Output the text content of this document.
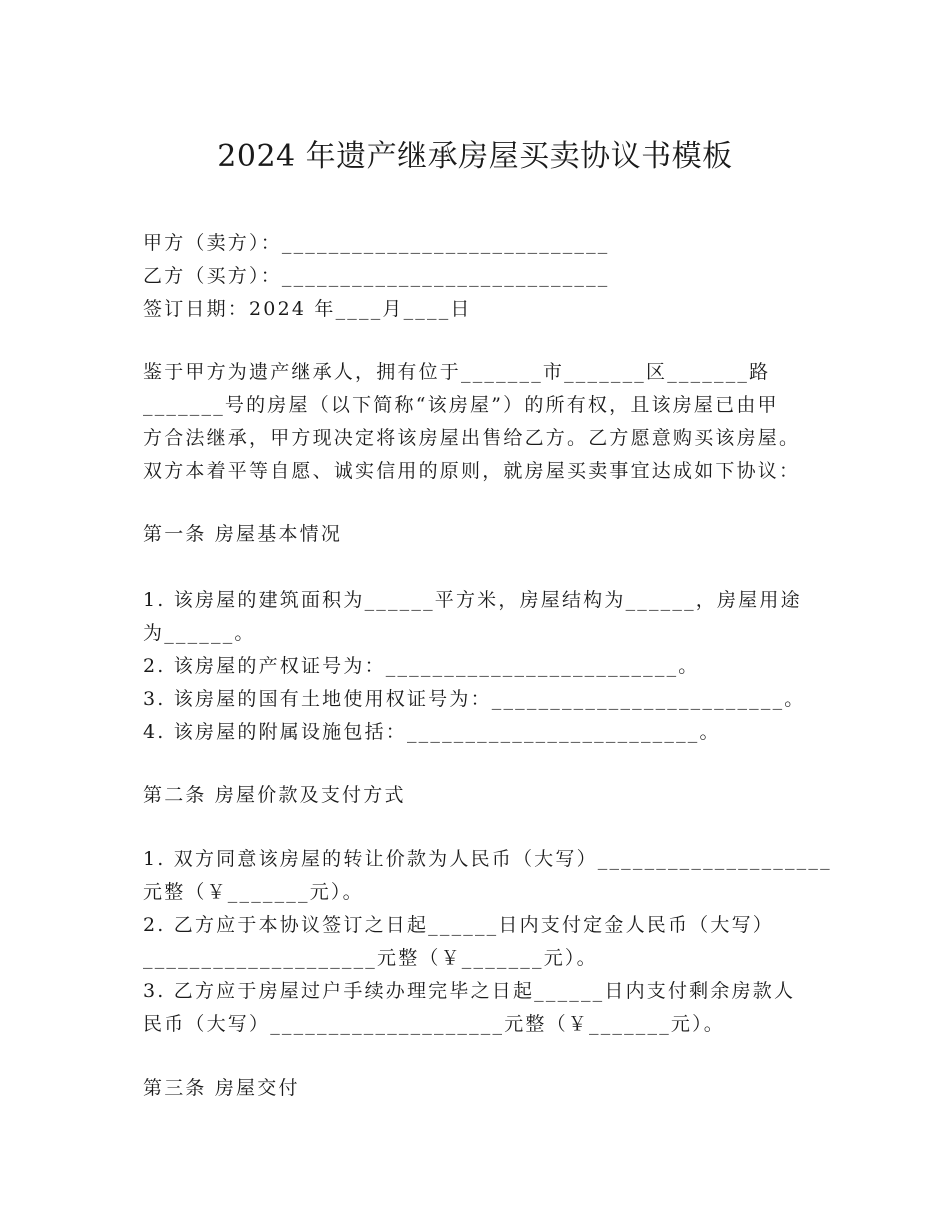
2024 年遗产继承房屋买卖协议书模板
甲方（卖方）：____________________________
乙方（买方）：____________________________
签订日期：2024 年____月____日
鉴于甲方为遗产继承人，拥有位于_______市_______区_______路
_______号的房屋（以下简称“该房屋”）的所有权，且该房屋已由甲
方合法继承，甲方现决定将该房屋出售给乙方。乙方愿意购买该房屋。
双方本着平等自愿、诚实信用的原则，就房屋买卖事宜达成如下协议：
第一条 房屋基本情况
1. 该房屋的建筑面积为______平方米，房屋结构为______，房屋用途
为______。
2. 该房屋的产权证号为：_________________________。
3. 该房屋的国有土地使用权证号为：_________________________。
4. 该房屋的附属设施包括：_________________________。
第二条 房屋价款及支付方式
1. 双方同意该房屋的转让价款为人民币（大写）____________________
元整（￥_______元）。
2. 乙方应于本协议签订之日起______日内支付定金人民币（大写）
____________________元整（￥_______元）。
3. 乙方应于房屋过户手续办理完毕之日起______日内支付剩余房款人
民币（大写）____________________元整（￥_______元）。
第三条 房屋交付
